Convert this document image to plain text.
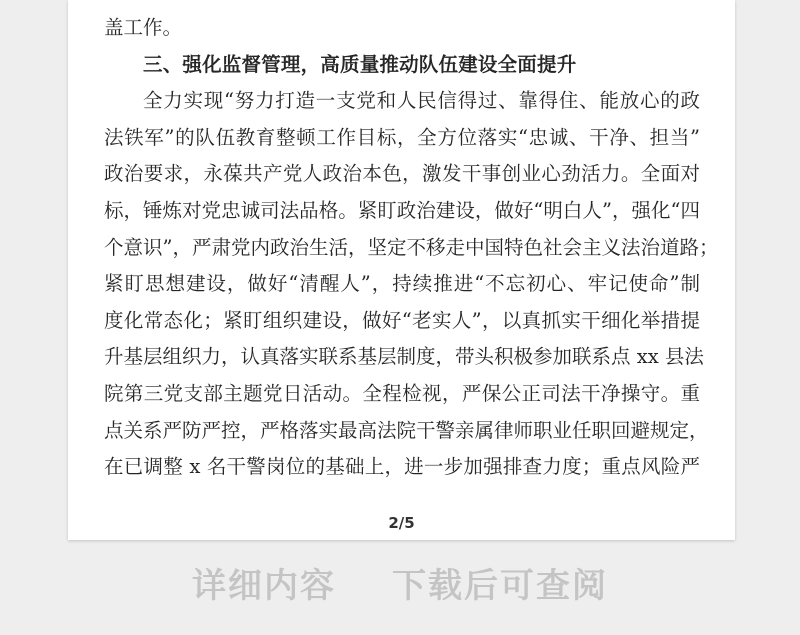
盖工作。
三、强化监督管理，高质量推动队伍建设全面提升
全力实现“努力打造一支党和人民信得过、靠得住、能放心的政
法铁军”的队伍教育整顿工作目标，全方位落实“忠诚、干净、担当”
政治要求，永葆共产党人政治本色，激发干事创业心劲活力。全面对
标，锤炼对党忠诚司法品格。紧盯政治建设，做好“明白人”，强化“四
个意识”，严肃党内政治生活，坚定不移走中国特色社会主义法治道路；
紧盯思想建设，做好“清醒人”，持续推进“不忘初心、牢记使命”制
度化常态化；紧盯组织建设，做好“老实人”，以真抓实干细化举措提
升基层组织力，认真落实联系基层制度，带头积极参加联系点 xx 县法
院第三党支部主题党日活动。全程检视，严保公正司法干净操守。重
点关系严防严控，严格落实最高法院干警亲属律师职业任职回避规定，
在已调整 x 名干警岗位的基础上，进一步加强排查力度；重点风险严
2/5
详细内容 下载后可查阅
